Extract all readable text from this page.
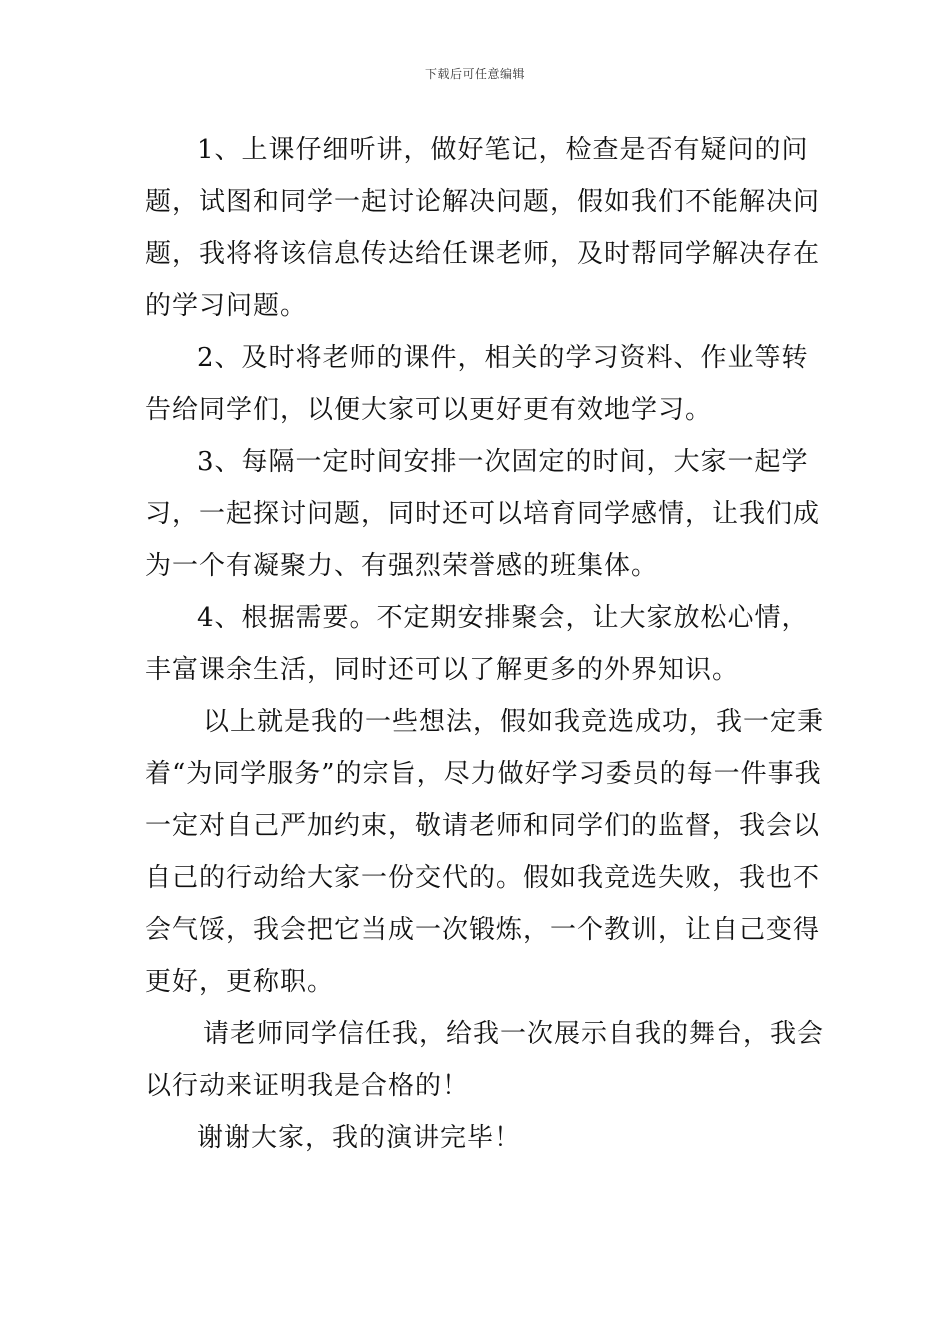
下载后可任意编辑

1、上课仔细听讲，做好笔记，检查是否有疑问的问题，试图和同学一起讨论解决问题，假如我们不能解决问题，我将将该信息传达给任课老师，及时帮同学解决存在的学习问题。

2、及时将老师的课件，相关的学习资料、作业等转告给同学们，以便大家可以更好更有效地学习。

3、每隔一定时间安排一次固定的时间，大家一起学习，一起探讨问题，同时还可以培育同学感情，让我们成为一个有凝聚力、有强烈荣誉感的班集体。

4、根据需要。不定期安排聚会，让大家放松心情，丰富课余生活，同时还可以了解更多的外界知识。

以上就是我的一些想法，假如我竞选成功，我一定秉着“为同学服务”的宗旨，尽力做好学习委员的每一件事我一定对自己严加约束，敬请老师和同学们的监督，我会以自己的行动给大家一份交代的。假如我竞选失败，我也不会气馁，我会把它当成一次锻炼，一个教训，让自己变得更好，更称职。

请老师同学信任我，给我一次展示自我的舞台，我会以行动来证明我是合格的！

谢谢大家，我的演讲完毕！
